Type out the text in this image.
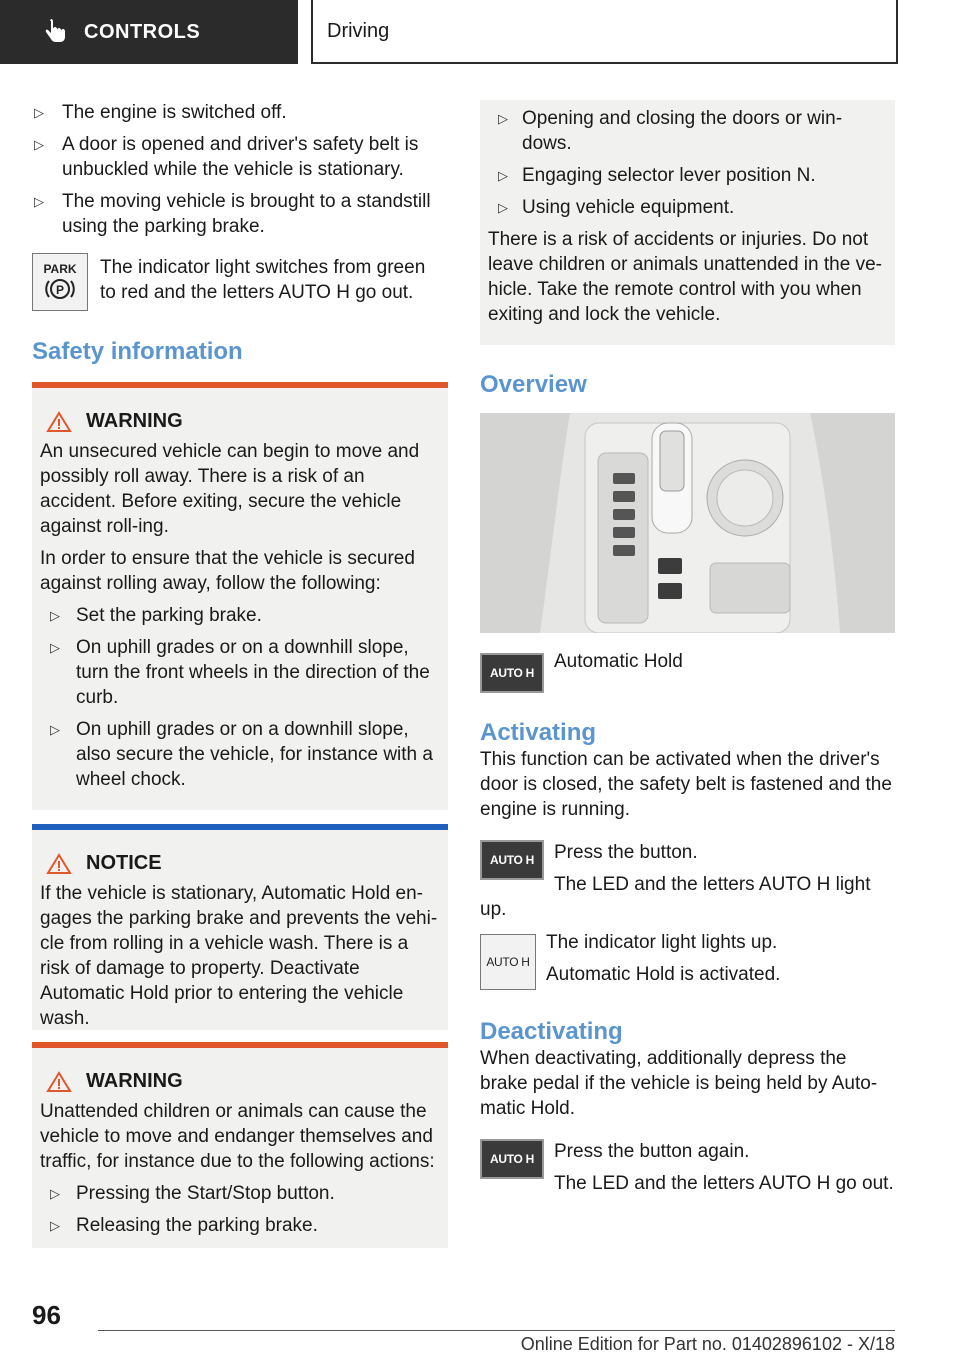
CONTROLS	Driving
▷ The engine is switched off.
▷ A door is opened and driver's safety belt is unbuckled while the vehicle is stationary.
▷ The moving vehicle is brought to a standstill using the parking brake.
PARK
P
The indicator light switches from green to red and the letters AUTO H go out.
Safety information
WARNING
An unsecured vehicle can begin to move and possibly roll away. There is a risk of an accident. Before exiting, secure the vehicle against roll-ing.
In order to ensure that the vehicle is secured against rolling away, follow the following:
▷ Set the parking brake.
▷ On uphill grades or on a downhill slope, turn the front wheels in the direction of the curb.
▷ On uphill grades or on a downhill slope, also secure the vehicle, for instance with a wheel chock.
NOTICE
If the vehicle is stationary, Automatic Hold en-gages the parking brake and prevents the vehi-cle from rolling in a vehicle wash. There is a risk of damage to property. Deactivate Automatic Hold prior to entering the vehicle wash.
WARNING
Unattended children or animals can cause the vehicle to move and endanger themselves and traffic, for instance due to the following actions:
▷ Pressing the Start/Stop button.
▷ Releasing the parking brake.
▷ Opening and closing the doors or win-dows.
▷ Engaging selector lever position N.
▷ Using vehicle equipment.
There is a risk of accidents or injuries. Do not leave children or animals unattended in the ve-hicle. Take the remote control with you when exiting and lock the vehicle.
Overview
AUTO H
Automatic Hold
Activating
This function can be activated when the driver's door is closed, the safety belt is fastened and the engine is running.
AUTO H Press the button.
The LED and the letters AUTO H light up.
AUTO H
The indicator light lights up.
Automatic Hold is activated.
Deactivating
When deactivating, additionally depress the brake pedal if the vehicle is being held by Auto-matic Hold.
AUTO H Press the button again.
The LED and the letters AUTO H go out.
96
Online Edition for Part no. 01402896102 - X/18
